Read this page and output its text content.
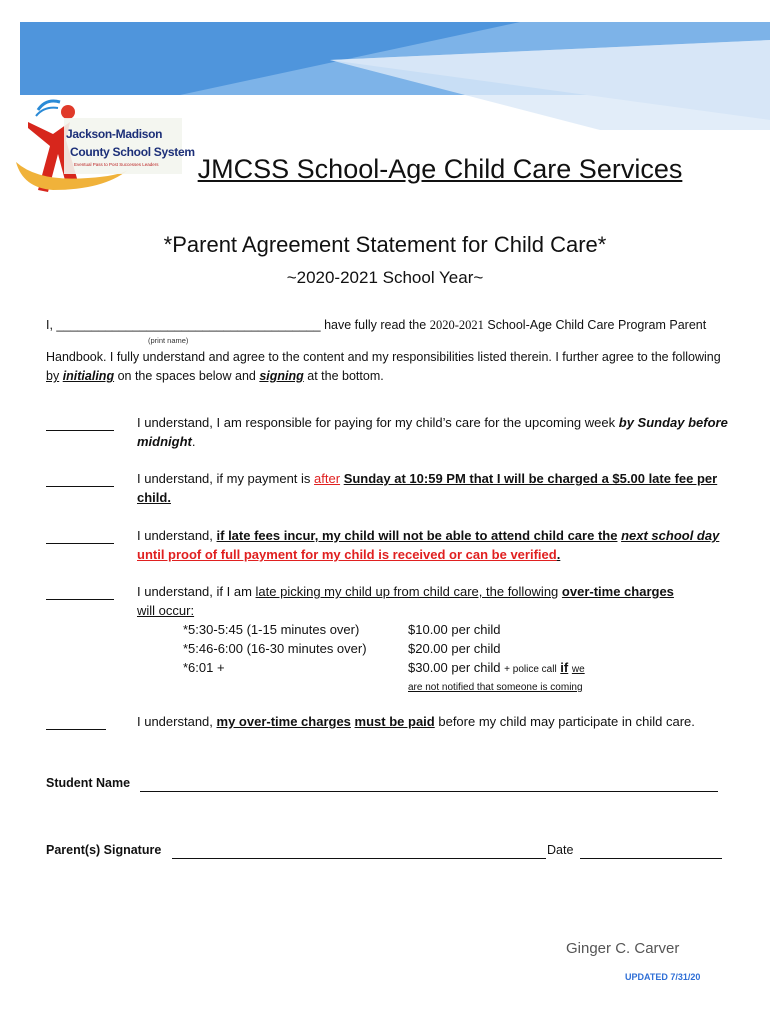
Jackson-Madison
County School System
Eventual Pass to Post Successes Leaders	JMCSS School-Age Child Care Services
*Parent Agreement Statement for Child Care*
~2020-2021 School Year~
I, ______________________________________ have fully read the 2020-2021 School-Age Child Care Program Parent
(print name)
Handbook. I fully understand and agree to the content and my responsibilities listed therein. I further agree to the following by initialing on the spaces below and signing at the bottom.
I understand, I am responsible for paying for my child’s care for the upcoming week by Sunday before midnight.
I understand, if my payment is after Sunday at 10:59 PM that I will be charged a $5.00 late fee per child.
I understand, if late fees incur, my child will not be able to attend child care the next school day until proof of full payment for my child is received or can be verified.
I understand, if I am late picking my child up from child care, the following over-time charges
will occur:
*5:30-5:45 (1-15 minutes over)
*5:46-6:00 (16-30 minutes over)
*6:01 +
$10.00 per child
$20.00 per child
$30.00 per child + police call if we
are not notified that someone is coming
I understand, my over-time charges must be paid before my child may participate in child care.
Student Name
Parent(s) Signature	Date
Ginger C. Carver
UPDATED 7/31/20
